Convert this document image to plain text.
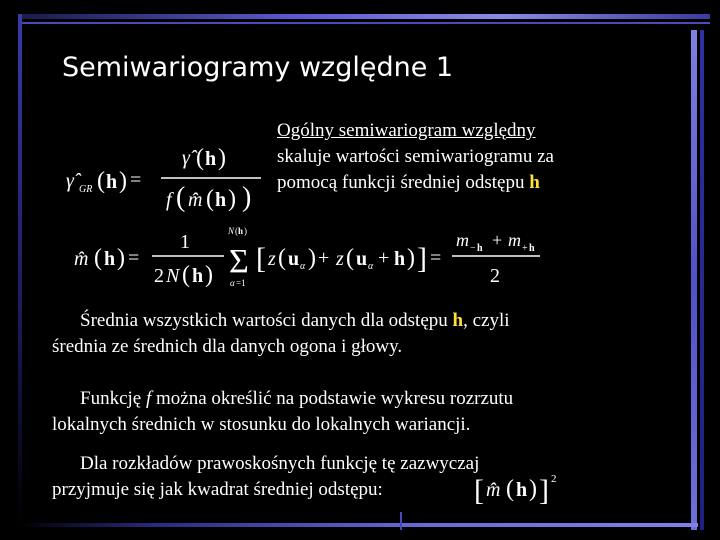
Semiwariogramy względne 1
Ogólny semiwariogram względny
skaluje wartości semiwariogramu za
pomocą funkcji średniej odstępu h
γ̂ GR ( h ) =
γ̂ ( h )
f ( m̂ ( h ) )
m̂ ( h ) =
1
2 N ( h )
N ( h )
Σ
α =1
[ z ( u α ) + z ( u α + h ) ] =
m − h + m + h
2
Średnia wszystkich wartości danych dla odstępu h, czyli
średnia ze średnich dla danych ogona i głowy.
Funkcję f można określić na podstawie wykresu rozrzutu
lokalnych średnich w stosunku do lokalnych wariancji.
Dla rozkładów prawoskośnych funkcję tę zazwyczaj
przyjmuje się jak kwadrat średniej odstępu:	[ m̂ ( h ) ] 2
